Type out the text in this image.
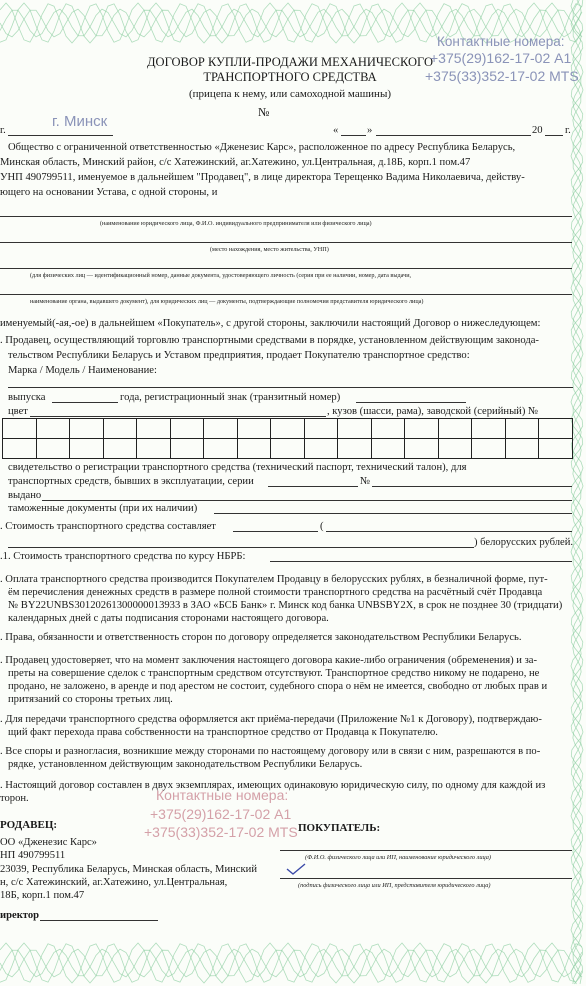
ДОГОВОР КУПЛИ-ПРОДАЖИ МЕХАНИЧЕСКОГО
ТРАНСПОРТНОГО СРЕДСТВА
(прицепа к нему, или самоходной машины)
№
Контактные номера:
+375(29)162-17-02 А1
+375(33)352-17-02 MTS
г.
г. Минск
«	»	20 г.
Общество с ограниченной ответственностью «Дженезис Карс», расположенное по адресу Республика Беларусь,
Минская область, Минский район, с/с Хатежинский, аг.Хатежино, ул.Центральная, д.18Б, корп.1 пом.47
УНП 490799511, именуемое в дальнейшем "Продавец", в лице директора Терещенко Вадима Николаевича, действу-
ющего на основании Устава, с одной стороны, и
(наименование юридического лица, Ф.И.О. индивидуального предпринимателя или физического лица)
(место нахождения, место жительства, УНП)
(для физических лиц — идентификационный номер, данные документа, удостоверяющего личность (серия при ее наличии, номер, дата выдачи,
наименование органа, выдавшего документ), для юридических лиц — документы, подтверждающие полномочия представителя юридического лица)
именуемый(-ая,-ое) в дальнейшем «Покупатель», с другой стороны, заключили настоящий Договор о нижеследующем:
. Продавец, осуществляющий торговлю транспортными средствами в порядке, установленном действующим законода-
тельством Республики Беларусь и Уставом предприятия, продает Покупателю транспортное средство:
Марка / Модель / Наименование:
выпуска	года, регистрационный знак (транзитный номер)
цвет	, кузов (шасси, рама), заводской (серийный) №
свидетельство о регистрации транспортного средства (технический паспорт, технический талон), для
транспортных средств, бывших в эксплуатации, серии	№
выдано
таможенные документы (при их наличии)
. Стоимость транспортного средства составляет	(
) белорусских рублей.
.1. Стоимость транспортного средства по курсу НБРБ:
. Оплата транспортного средства производится Покупателем Продавцу в белорусских рублях, в безналичной форме, пут-
ём перечисления денежных средств в размере полной стоимости транспортного средства на расчётный счёт Продавца
№ BY22UNBS30120261300000013933 в ЗАО «БСБ Банк» г. Минск код банка UNBSBY2X, в срок не позднее 30 (тридцати)
календарных дней с даты подписания сторонами настоящего договора.
. Права, обязанности и ответственность сторон по договору определяется законодательством Республики Беларусь.
. Продавец удостоверяет, что на момент заключения настоящего договора какие-либо ограничения (обременения) и за-
преты на совершение сделок с транспортным средством отсутствуют. Транспортное средство никому не подарено, не
продано, не заложено, в аренде и под арестом не состоит, судебного спора о нём не имеется, свободно от любых прав и
притязаний со стороны третьих лиц.
. Для передачи транспортного средства оформляется акт приёма-передачи (Приложение №1 к Договору), подтверждаю-
щий факт перехода права собственности на транспортное средство от Продавца к Покупателю.
. Все споры и разногласия, возникшие между сторонами по настоящему договору или в связи с ним, разрешаются в по-
рядке, установленном действующим законодательством Республики Беларусь.
. Настоящий договор составлен в двух экземплярах, имеющих одинаковую юридическую силу, по одному для каждой из
торон.	Контактные номера:
+375(29)162-17-02 А1
+375(33)352-17-02 MTS
РОДАВЕЦ:
ОО «Дженезис Карс»
НП 490799511
23039, Республика Беларусь, Минская область, Минский
н, с/с Хатежинский, аг.Хатежино, ул.Центральная,
18Б, корп.1 пом.47
иректор
ПОКУПАТЕЛЬ:
(Ф.И.О. физического лица или ИП, наименование юридического лица)
(подпись физического лица или ИП, представителя юридического лица)
